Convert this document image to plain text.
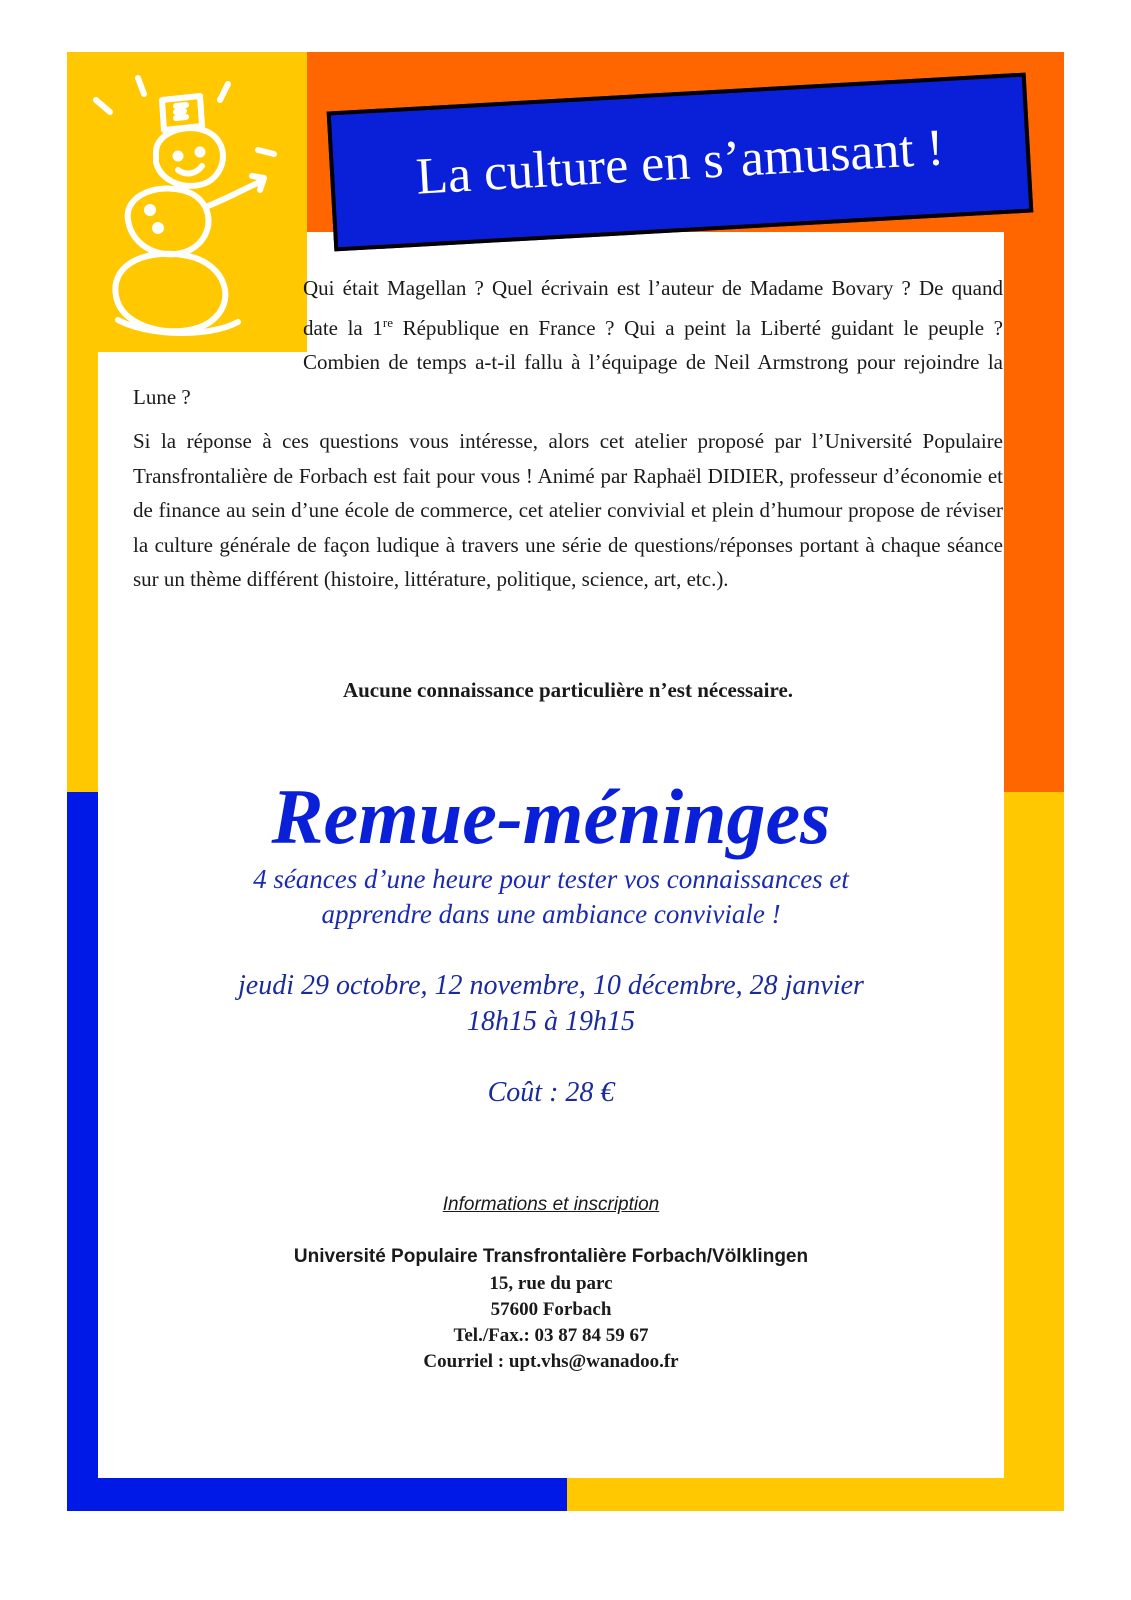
La culture en s’amusant !

Qui était Magellan ? Quel écrivain est l’auteur de Madame Bovary ? De quand date la 1re République en France ? Qui a peint la Liberté guidant le peuple ? Combien de temps a-t-il fallu à l’équipage de Neil Armstrong pour rejoindre la Lune ?

Si la réponse à ces questions vous intéresse, alors cet atelier proposé par l’Université Populaire Transfrontalière de Forbach est fait pour vous ! Animé par Raphaël DIDIER, professeur d’économie et de finance au sein d’une école de commerce, cet atelier convivial et plein d’humour propose de réviser la culture générale de façon ludique à travers une série de questions/réponses portant à chaque séance sur un thème différent (histoire, littérature, politique, science, art, etc.).

Aucune connaissance particulière n’est nécessaire.

Remue-méninges

4 séances d’une heure pour tester vos connaissances et
apprendre dans une ambiance conviviale !

jeudi 29 octobre, 12 novembre, 10 décembre, 28 janvier

18h15 à 19h15

Coût : 28 €

Informations et inscription

Université Populaire Transfrontalière Forbach/Völklingen

15, rue du parc

57600 Forbach

Tel./Fax.: 03 87 84 59 67

Courriel : upt.vhs@wanadoo.fr
